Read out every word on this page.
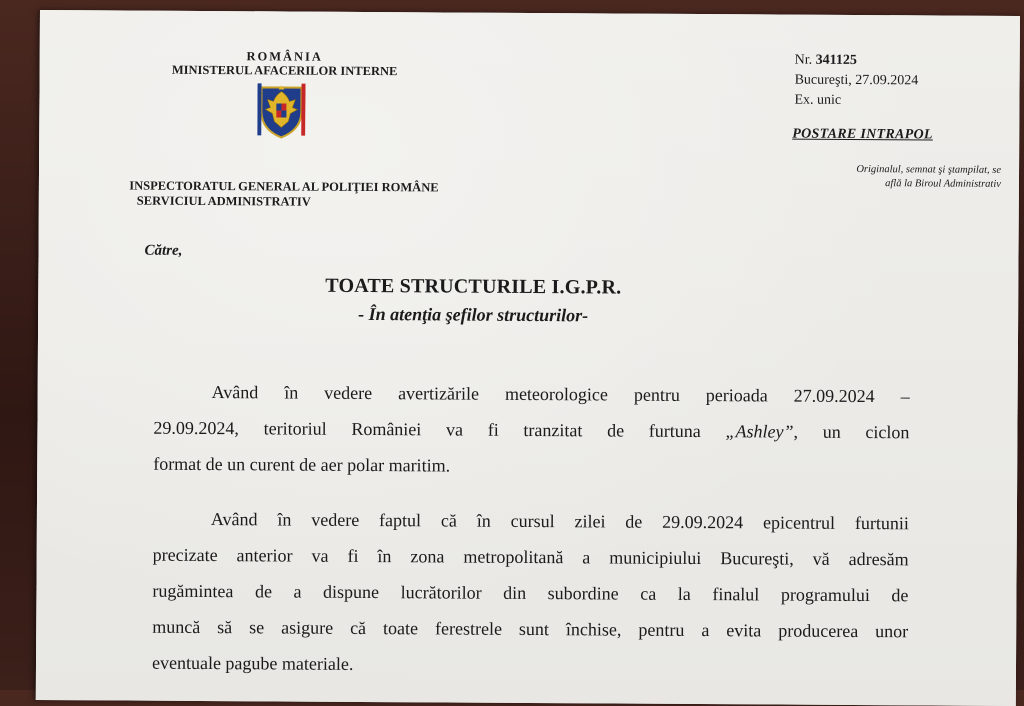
ROMÂNIA
MINISTERUL AFACERILOR INTERNE
INSPECTORATUL GENERAL AL POLIŢIEI ROMÂNE
SERVICIUL ADMINISTRATIV
Nr. 341125
Bucureşti, 27.09.2024
Ex. unic
POSTARE INTRAPOL
Originalul, semnat şi ştampilat, se
află la Biroul Administrativ
Către,
TOATE STRUCTURILE I.G.P.R.
- În atenţia şefilor structurilor-
Având în vedere avertizările meteorologice pentru perioada 27.09.2024 –
29.09.2024, teritoriul României va fi tranzitat de furtuna „Ashley”, un ciclon
format de un curent de aer polar maritim.
Având în vedere faptul că în cursul zilei de 29.09.2024 epicentrul furtunii
precizate anterior va fi în zona metropolitană a municipiului Bucureşti, vă adresăm
rugămintea de a dispune lucrătorilor din subordine ca la finalul programului de
muncă să se asigure că toate ferestrele sunt închise, pentru a evita producerea unor
eventuale pagube materiale.
